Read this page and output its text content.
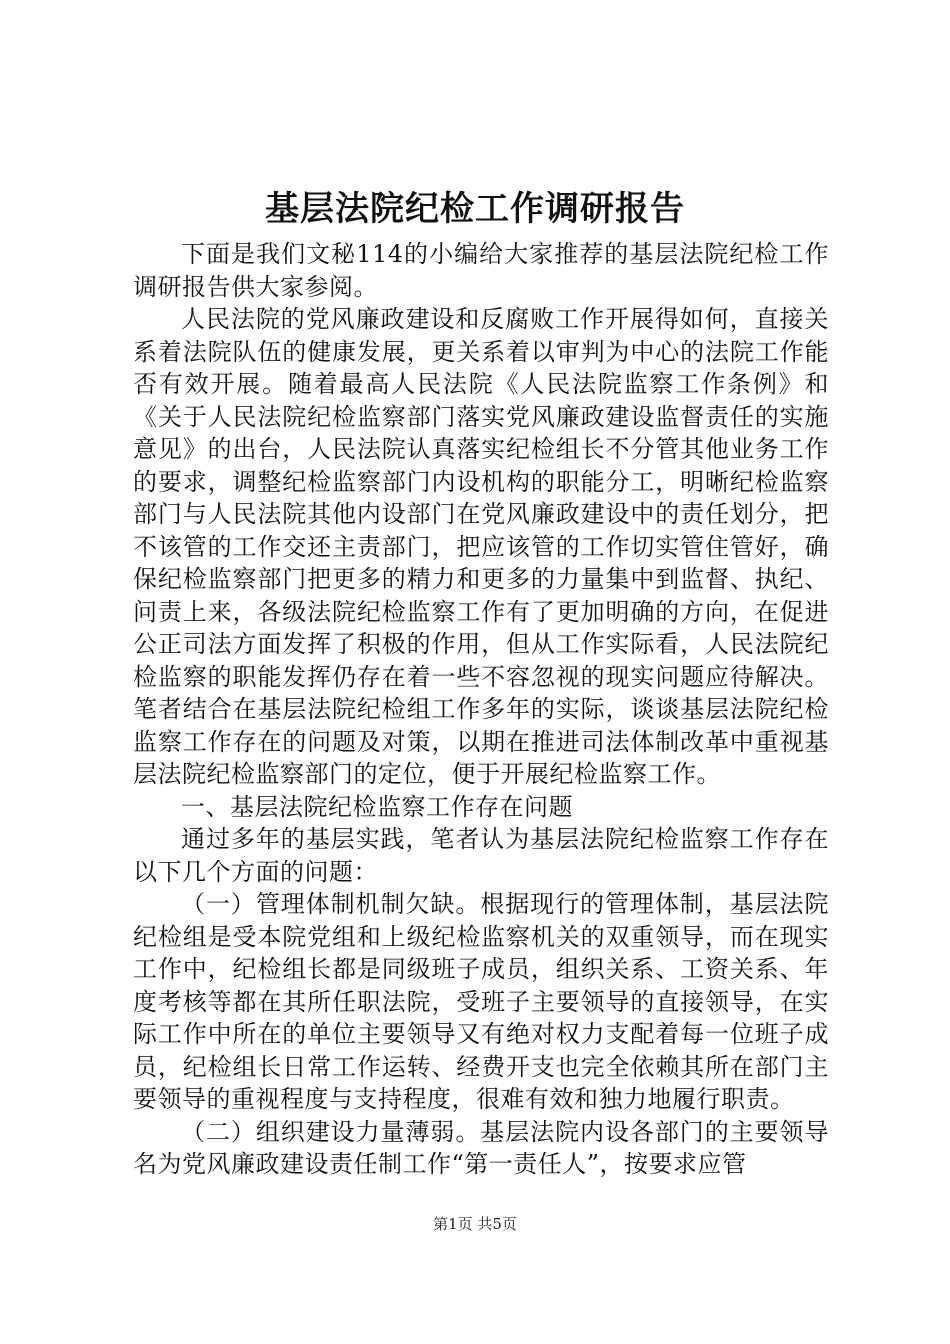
基层法院纪检工作调研报告

下面是我们文秘114的小编给大家推荐的基层法院纪检工作调研报告供大家参阅。

人民法院的党风廉政建设和反腐败工作开展得如何，直接关系着法院队伍的健康发展，更关系着以审判为中心的法院工作能否有效开展。随着最高人民法院《人民法院监察工作条例》和《关于人民法院纪检监察部门落实党风廉政建设监督责任的实施意见》的出台，人民法院认真落实纪检组长不分管其他业务工作的要求，调整纪检监察部门内设机构的职能分工，明晰纪检监察部门与人民法院其他内设部门在党风廉政建设中的责任划分，把不该管的工作交还主责部门，把应该管的工作切实管住管好，确保纪检监察部门把更多的精力和更多的力量集中到监督、执纪、问责上来，各级法院纪检监察工作有了更加明确的方向，在促进公正司法方面发挥了积极的作用，但从工作实际看，人民法院纪检监察的职能发挥仍存在着一些不容忽视的现实问题应待解决。笔者结合在基层法院纪检组工作多年的实际，谈谈基层法院纪检监察工作存在的问题及对策，以期在推进司法体制改革中重视基层法院纪检监察部门的定位，便于开展纪检监察工作。

一、基层法院纪检监察工作存在问题

通过多年的基层实践，笔者认为基层法院纪检监察工作存在以下几个方面的问题：

（一）管理体制机制欠缺。根据现行的管理体制，基层法院纪检组是受本院党组和上级纪检监察机关的双重领导，而在现实工作中，纪检组长都是同级班子成员，组织关系、工资关系、年度考核等都在其所任职法院，受班子主要领导的直接领导，在实际工作中所在的单位主要领导又有绝对权力支配着每一位班子成员，纪检组长日常工作运转、经费开支也完全依赖其所在部门主要领导的重视程度与支持程度，很难有效和独力地履行职责。

（二）组织建设力量薄弱。基层法院内设各部门的主要领导名为党风廉政建设责任制工作“第一责任人”，按要求应管

第1页 共5页
